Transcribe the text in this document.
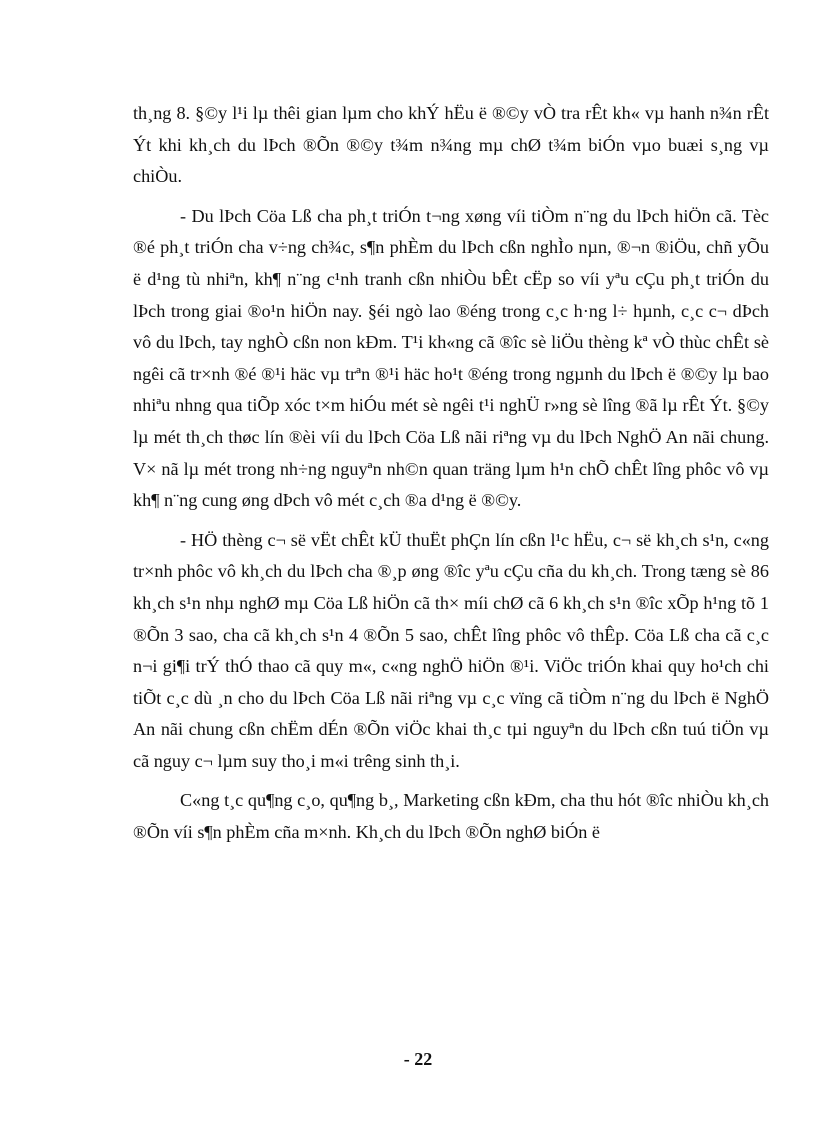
th¸ng 8. §©y l¹i lµ thêi gian lµm cho khÝ hËu ë ®©y vÒ tra rÊt kh« vµ hanh n¾n rÊt Ýt khi kh¸ch du lÞch ®Õn ®©y t¾m n¾ng mµ chØ t¾m biÓn vµo buæi s¸ng vµ chiÒu.

- Du lÞch Cöa Lß cha ph¸t triÓn t¬ng xøng víi tiÒm n¨ng du lÞch hiÖn cã. Tèc ®é ph¸t triÓn cha v÷ng ch¾c, s¶n phÈm du lÞch cßn nghÌo nµn, ®¬n ®iÖu, chñ yÕu ë d¹ng tù nhiªn, kh¶ n¨ng c¹nh tranh cßn nhiÒu bÊt cËp so víi yªu cÇu ph¸t triÓn du lÞch trong giai ®o¹n hiÖn nay. §éi ngò lao ®éng trong c¸c h·ng l÷ hµnh, c¸c c¬ dÞch vô du lÞch, tay nghÒ cßn non kÐm. T¹i kh«ng cã ®îc sè liÖu thèng kª vÒ thùc chÊt sè ngêi cã tr×nh ®é ®¹i häc vµ trªn ®¹i häc ho¹t ®éng trong ngµnh du lÞch ë ®©y lµ bao nhiªu nhng qua tiÕp xóc t×m hiÓu mét sè ngêi t¹i nghÜ r»ng sè lîng ®ã lµ rÊt Ýt. §©y lµ mét th¸ch thøc lín ®èi víi du lÞch Cöa Lß nãi riªng vµ du lÞch NghÖ An nãi chung. V× nã lµ mét trong nh÷ng nguyªn nh©n quan träng lµm h¹n chÕ chÊt lîng phôc vô vµ kh¶ n¨ng cung øng dÞch vô mét c¸ch ®a d¹ng ë ®©y.

- HÖ thèng c¬ së vËt chÊt kÜ thuËt phÇn lín cßn l¹c hËu, c¬ së kh¸ch s¹n, c«ng tr×nh phôc vô kh¸ch du lÞch cha ®¸p øng ®îc yªu cÇu cña du kh¸ch. Trong tæng sè 86 kh¸ch s¹n nhµ nghØ mµ Cöa Lß hiÖn cã th× míi chØ cã 6 kh¸ch s¹n ®îc xÕp h¹ng tõ 1 ®Õn 3 sao, cha cã kh¸ch s¹n 4 ®Õn 5 sao, chÊt lîng phôc vô thÊp. Cöa Lß cha cã c¸c n¬i gi¶i trÝ thÓ thao cã quy m«, c«ng nghÖ hiÖn ®¹i. ViÖc triÓn khai quy ho¹ch chi tiÕt c¸c dù ¸n cho du lÞch Cöa Lß nãi riªng vµ c¸c vïng cã tiÒm n¨ng du lÞch ë NghÖ An nãi chung cßn chËm dÉn ®Õn viÖc khai th¸c tµi nguyªn du lÞch cßn tuú tiÖn vµ cã nguy c¬ lµm suy tho¸i m«i trêng sinh th¸i.

C«ng t¸c qu¶ng c¸o, qu¶ng b¸, Marketing cßn kÐm, cha thu hót ®îc nhiÒu kh¸ch ®Õn víi s¶n phÈm cña m×nh. Kh¸ch du lÞch ®Õn nghØ biÓn ë

- 22
